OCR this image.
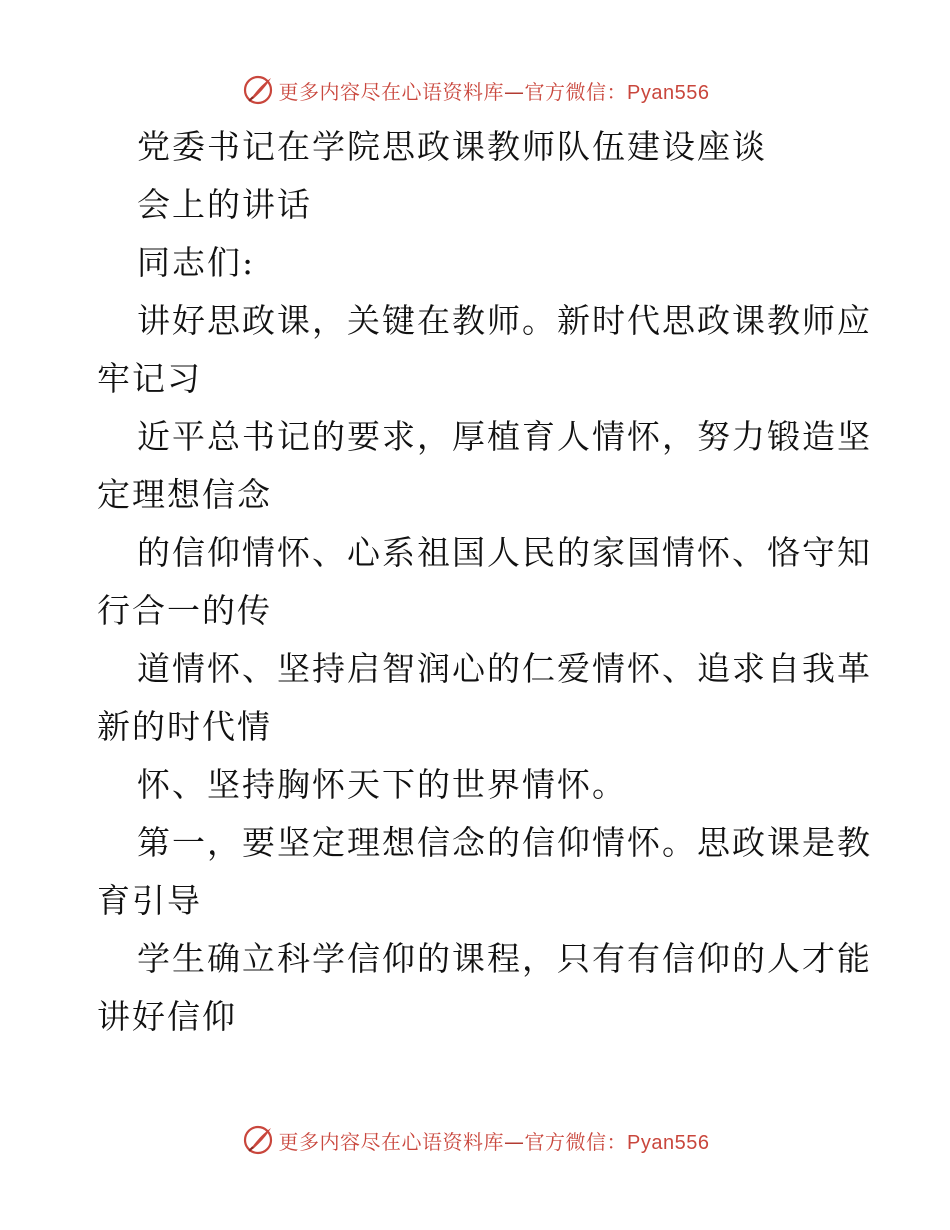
更多内容尽在心语资料库—官方微信：Pyan556
党委书记在学院思政课教师队伍建设座谈
会上的讲话
同志们:
讲好思政课，关键在教师。新时代思政课教师应
牢记习
近平总书记的要求，厚植育人情怀，努力锻造坚
定理想信念
的信仰情怀、心系祖国人民的家国情怀、恪守知
行合一的传
道情怀、坚持启智润心的仁爱情怀、追求自我革
新的时代情
怀、坚持胸怀天下的世界情怀。
第一，要坚定理想信念的信仰情怀。思政课是教
育引导
学生确立科学信仰的课程，只有有信仰的人才能
讲好信仰
更多内容尽在心语资料库—官方微信：Pyan556
